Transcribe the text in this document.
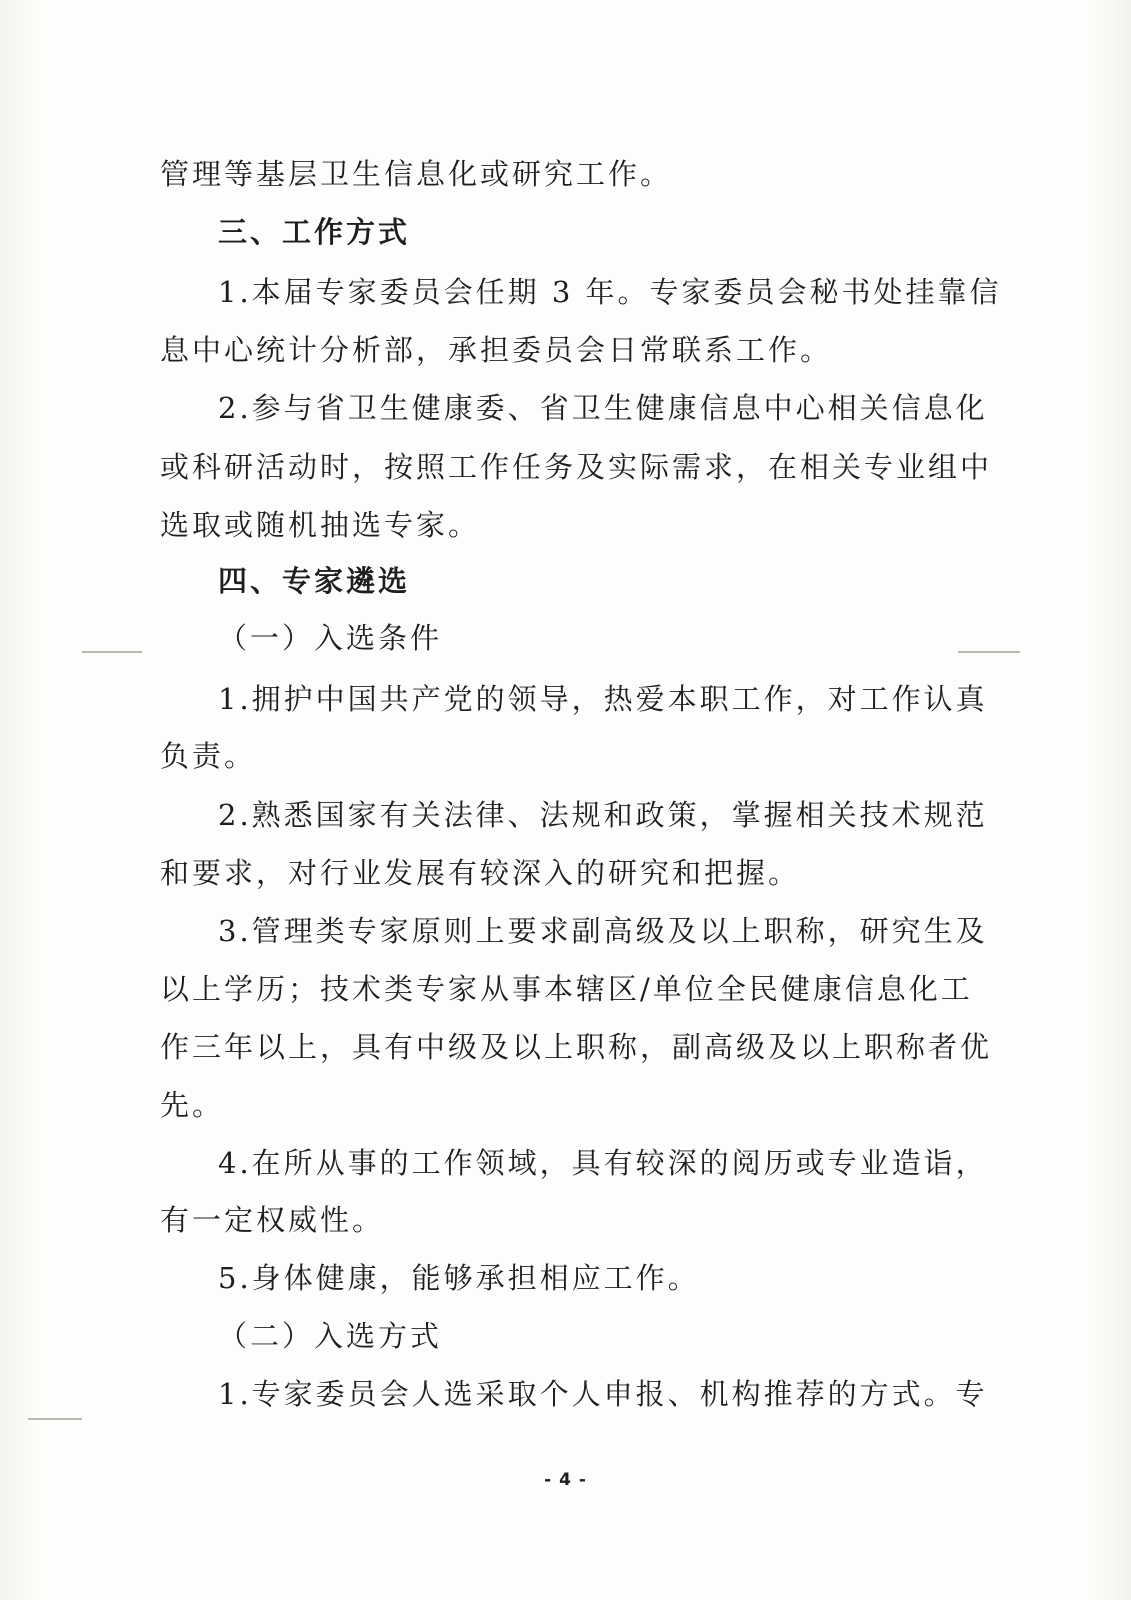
管理等基层卫生信息化或研究工作。
三、工作方式
1.本届专家委员会任期 3 年。专家委员会秘书处挂靠信
息中心统计分析部，承担委员会日常联系工作。
2.参与省卫生健康委、省卫生健康信息中心相关信息化
或科研活动时，按照工作任务及实际需求，在相关专业组中
选取或随机抽选专家。
四、专家遴选
（一）入选条件
1.拥护中国共产党的领导，热爱本职工作，对工作认真
负责。
2.熟悉国家有关法律、法规和政策，掌握相关技术规范
和要求，对行业发展有较深入的研究和把握。
3.管理类专家原则上要求副高级及以上职称，研究生及
以上学历；技术类专家从事本辖区/单位全民健康信息化工
作三年以上，具有中级及以上职称，副高级及以上职称者优
先。
4.在所从事的工作领域，具有较深的阅历或专业造诣，
有一定权威性。
5.身体健康，能够承担相应工作。
（二）入选方式
1.专家委员会人选采取个人申报、机构推荐的方式。专
- 4 -
